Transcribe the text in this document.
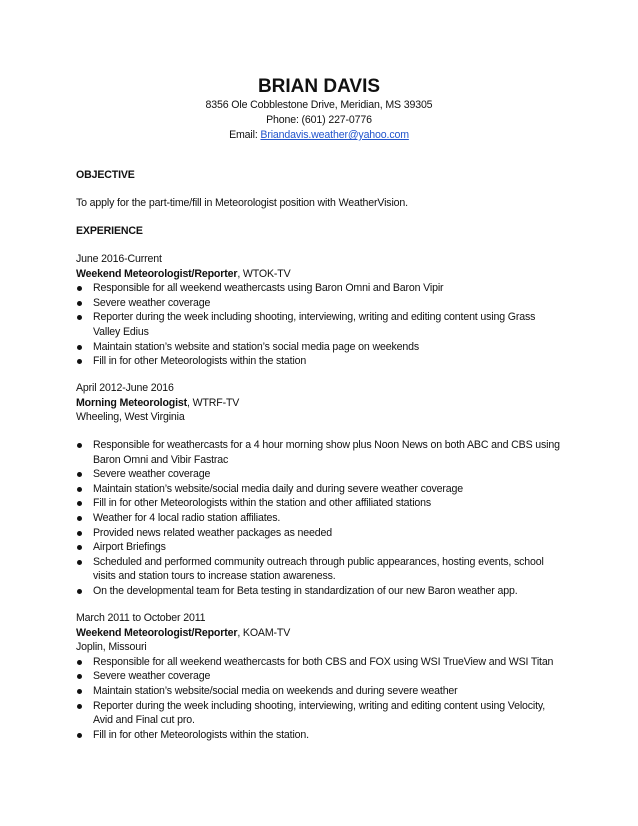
BRIAN DAVIS
8356 Ole Cobblestone Drive, Meridian, MS 39305
Phone: (601) 227-0776
Email: Briandavis.weather@yahoo.com
OBJECTIVE
To apply for the part-time/fill in Meteorologist position with WeatherVision.
EXPERIENCE
June 2016-Current
Weekend Meteorologist/Reporter, WTOK-TV
Responsible for all weekend weathercasts using Baron Omni and Baron Vipir
Severe weather coverage
Reporter during the week including shooting, interviewing, writing and editing content using Grass Valley Edius
Maintain station’s website and station’s social media page on weekends
Fill in for other Meteorologists within the station
April 2012-June 2016
Morning Meteorologist, WTRF-TV
Wheeling, West Virginia
Responsible for weathercasts for a 4 hour morning show plus Noon News on both ABC and CBS using Baron Omni and Vibir Fastrac
Severe weather coverage
Maintain station’s website/social media daily and during severe weather coverage
Fill in for other Meteorologists within the station and other affiliated stations
Weather for 4 local radio station affiliates.
Provided news related weather packages as needed
Airport Briefings
Scheduled and performed community outreach through public appearances, hosting events, school visits and station tours to increase station awareness.
On the developmental team for Beta testing in standardization of our new Baron weather app.
March 2011 to October 2011
Weekend Meteorologist/Reporter, KOAM-TV
Joplin, Missouri
Responsible for all weekend weathercasts for both CBS and FOX using WSI TrueView and WSI Titan
Severe weather coverage
Maintain station’s website/social media on weekends and during severe weather
Reporter during the week including shooting, interviewing, writing and editing content using Velocity, Avid and Final cut pro.
Fill in for other Meteorologists within the station.
